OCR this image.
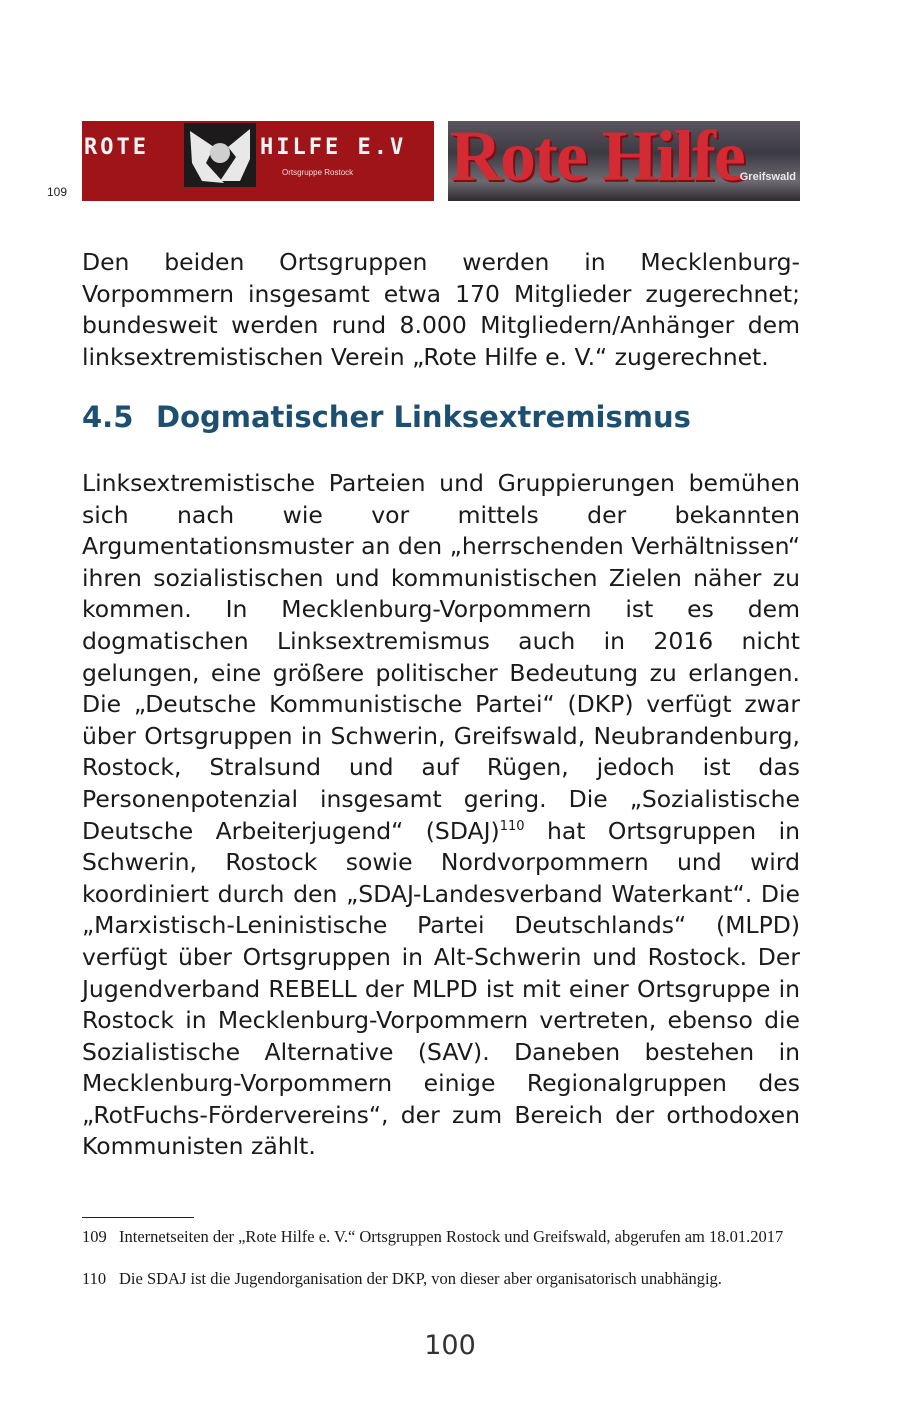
109
ROTE	HILFE E.V
Ortsgruppe Rostock Rote Hilfe
Greifswald

Den beiden Ortsgruppen werden in Mecklenburg-Vorpommern insgesamt etwa 170 Mitglieder zugerechnet; bundesweit werden rund 8.000 Mitgliedern/Anhänger dem linksextremistischen Verein „Rote Hilfe e. V.“ zugerechnet.

4.5 Dogmatischer Linksextremismus

Linksextremistische Parteien und Gruppierungen bemühen sich nach wie vor mittels der bekannten Argumentationsmuster an den „herrschenden Verhältnissen“ ihren sozialistischen und kommunistischen Zielen näher zu kommen. In Mecklenburg-Vorpommern ist es dem dogmatischen Linksextremismus auch in 2016 nicht gelungen, eine größere politischer Bedeutung zu erlangen. Die „Deutsche Kommunistische Partei“ (DKP) verfügt zwar über Ortsgruppen in Schwerin, Greifswald, Neubrandenburg, Rostock, Stralsund und auf Rügen, jedoch ist das Personenpotenzial insgesamt gering. Die „Sozialistische Deutsche Arbeiterjugend“ (SDAJ)$^{110}$ hat Ortsgruppen in Schwerin, Rostock sowie Nordvorpommern und wird koordiniert durch den „SDAJ-Landesverband Waterkant“. Die „Marxistisch-Leninistische Partei Deutschlands“ (MLPD) verfügt über Ortsgruppen in Alt-Schwerin und Rostock. Der Jugendverband REBELL der MLPD ist mit einer Ortsgruppe in Rostock in Mecklenburg-Vorpommern vertreten, ebenso die Sozialistische Alternative (SAV). Daneben bestehen in Mecklenburg-Vorpommern einige Regionalgruppen des „RotFuchs-Fördervereins“, der zum Bereich der orthodoxen Kommunisten zählt.

109 Internetseiten der „Rote Hilfe e. V.“ Ortsgruppen Rostock und Greifswald, abgerufen am 18.01.2017
110 Die SDAJ ist die Jugendorganisation der DKP, von dieser aber organisatorisch unabhängig.
100
